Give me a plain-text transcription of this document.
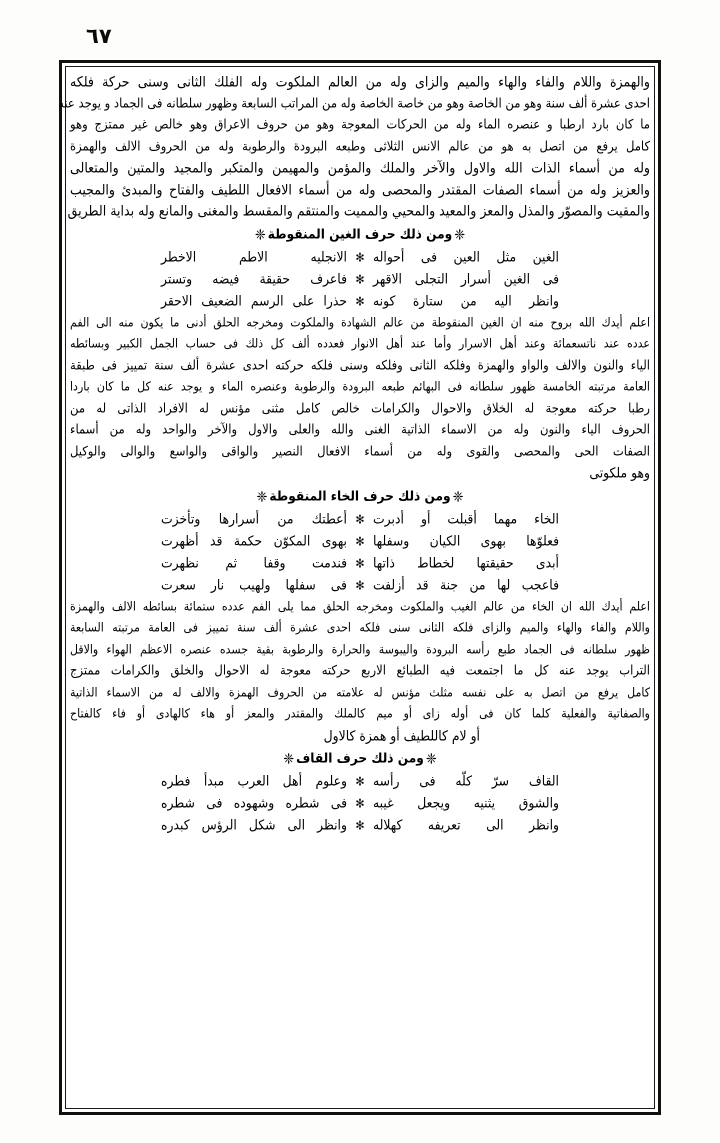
٦٧
والهمزة واللام والفاء والهاء والميم والزاى وله من العالم الملكوت وله الفلك الثانى وسنى حركة فلكه
احدى عشرة ألف سنة وهو من الخاصة وهو من خاصة الخاصة وله من المراتب السابعة وظهور سلطانه فى الجماد و يوجد عنه
ما كان بارد ارطبا و عنصره الماء وله من الحركات المعوجة وهو من حروف الاعراق وهو خالص غير ممتزج وهو
كامل يرفع من اتصل به هو من عالم الانس الثلاثى وطبعه البرودة والرطوبة وله من الحروف الالف والهمزة
وله من أسماء الذات الله والاول والآخر والملك والمؤمن والمهيمن والمتكبر والمجيد والمتين والمتعالى
والعزيز وله من أسماء الصفات المقتدر والمحصى وله من أسماء الافعال اللطيف والفتاح والمبدئ والمجيب
والمقيت والمصوّر والمذل والمعز والمعيد والمحيي والمميت والمنتقم والمقسط والمغنى والمانع وله بداية الطريق
❈ومن ذلك حرف الغين المنقوطة❈
الغين مثل العين فى أحواله
✻
الانجليه الاطم الاخطر
فى الغين أسرار التجلى الاقهر
✻
فاعرف حقيقة فيضه وتستر
وانظر اليه من ستارة كونه
✻
حذرا على الرسم الضعيف الاحقر
اعلم أيدك الله بروح منه ان الغين المنقوطة من عالم الشهادة والملكوت ومخرجه الحلق أدنى ما يكون منه الى الفم
عدده عند ناتسعمائة وعند أهل الاسرار وأما عند أهل الانوار فعدده ألف كل ذلك فى حساب الجمل الكبير وبسائطه
الياء والنون والالف والواو والهمزة وفلكه الثانى وفلكه وسنى فلكه حركته احدى عشرة ألف سنة تمييز فى طبقة
العامة مرتبته الخامسة ظهور سلطانه فى البهائم طبعه البرودة والرطوبة وعنصره الماء و يوجد عنه كل ما كان باردا
رطبا حركته معوجة له الخلاق والاحوال والكرامات خالص كامل مثنى مؤنس له الافراد الذاتى له من
الحروف الياء والنون وله من الاسماء الذاتية الغنى والله والعلى والاول والآخر والواحد وله من أسماء
الصفات الحى والمحصى والقوى وله من أسماء الافعال النصير والواقى والواسع والوالى والوكيل
وهو ملكوتى
❈ومن ذلك حرف الخاء المنقوطة❈
الخاء مهما أقبلت أو أدبرت
✻
أعطتك من أسرارها وتأخزت
فعلوّها بهوى الكيان وسفلها
✻
بهوى المكوّن حكمة قد أظهرت
أبدى حقيقتها لخطاط ذاتها
✻
فندمت وقفا ثم نظهرت
فاعجب لها من جنة قد أزلفت
✻
فى سفلها ولهيب نار سعرت
اعلم أيدك الله ان الخاء من عالم الغيب والملكوت ومخرجه الحلق مما يلى الفم عدده ستمائة بسائطه الالف والهمزة
واللام والفاء والهاء والميم والزاى فلكه الثانى سنى فلكه احدى عشرة ألف سنة تمييز فى العامة مرتبته السابعة
ظهور سلطانه فى الجماد طبع رأسه البرودة واليبوسة والحرارة والرطوبة بقية جسده عنصره الاعظم الهواء والاقل
التراب يوجد عنه كل ما اجتمعت فيه الطبائع الاربع حركته معوجة له الاحوال والخلق والكرامات ممتزج
كامل يرفع من اتصل به على نفسه مثلث مؤنس له علامته من الحروف الهمزة والالف له من الاسماء الذاتية
والصفاتية والفعلية كلما كان فى أوله زاى أو ميم كالملك والمقتدر والمعز أو هاء كالهادى أو فاء كالفتاح
أو لام كاللطيف أو همزة كالاول
❈ومن ذلك حرف القاف❈
القاف سرّ كلّه فى رأسه
✻
وعلوم أهل العرب مبدأ فطره
والشوق يثنيه ويجعل غيبه
✻
فى شطره وشهوده فى شطره
وانظر الى تعريفه كهلاله
✻
وانظر الى شكل الرؤس كبدره
